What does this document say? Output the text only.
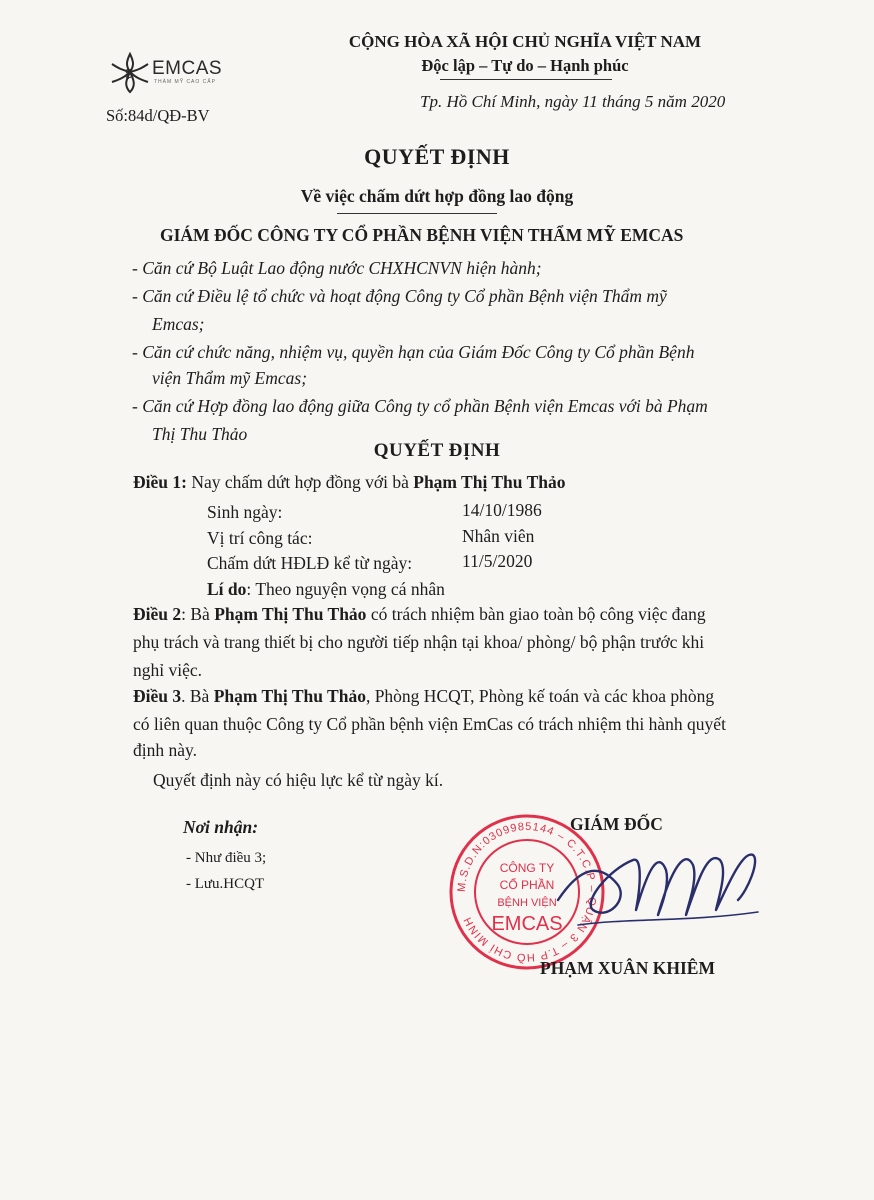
$ EMCAS
THẨM MỸ CAO CẤP
Số:84d/QĐ-BV
CỘNG HÒA XÃ HỘI CHỦ NGHĨA VIỆT NAM
Độc lập – Tự do – Hạnh phúc
Tp. Hồ Chí Minh, ngày 11 tháng 5 năm 2020
QUYẾT ĐỊNH
Về việc chấm dứt hợp đồng lao động
GIÁM ĐỐC CÔNG TY CỔ PHẦN BỆNH VIỆN THẨM MỸ EMCAS
- Căn cứ Bộ Luật Lao động nước CHXHCNVN hiện hành;
- Căn cứ Điều lệ tổ chức và hoạt động Công ty Cổ phần Bệnh viện Thẩm mỹ
Emcas;
- Căn cứ chức năng, nhiệm vụ, quyền hạn của Giám Đốc Công ty Cổ phần Bệnh
viện Thẩm mỹ Emcas;
- Căn cứ Hợp đồng lao động giữa Công ty cổ phần Bệnh viện Emcas với bà Phạm
Thị Thu Thảo
QUYẾT ĐỊNH
Điều 1: Nay chấm dứt hợp đồng với bà Phạm Thị Thu Thảo
Sinh ngày:	14/10/1986
Vị trí công tác:	Nhân viên
Chấm dứt HĐLĐ kể từ ngày:	11/5/2020
Lí do: Theo nguyện vọng cá nhân
Điều 2: Bà Phạm Thị Thu Thảo có trách nhiệm bàn giao toàn bộ công việc đang
phụ trách và trang thiết bị cho người tiếp nhận tại khoa/ phòng/ bộ phận trước khi
nghỉ việc.
Điều 3. Bà Phạm Thị Thu Thảo, Phòng HCQT, Phòng kế toán và các khoa phòng
có liên quan thuộc Công ty Cổ phần bệnh viện EmCas có trách nhiệm thi hành quyết
định này.
Quyết định này có hiệu lực kể từ ngày kí.
Nơi nhận:
- Như điều 3;
- Lưu.HCQT	M.S.D.N:0309985144 – C.T.C.P – QUẬN 3 – T.P HỒ CHÍ MINH
CÔNG TY
CỔ PHẦN
BỆNH VIỆN
EMCAS
GIÁM ĐỐC
PHẠM XUÂN KHIÊM
